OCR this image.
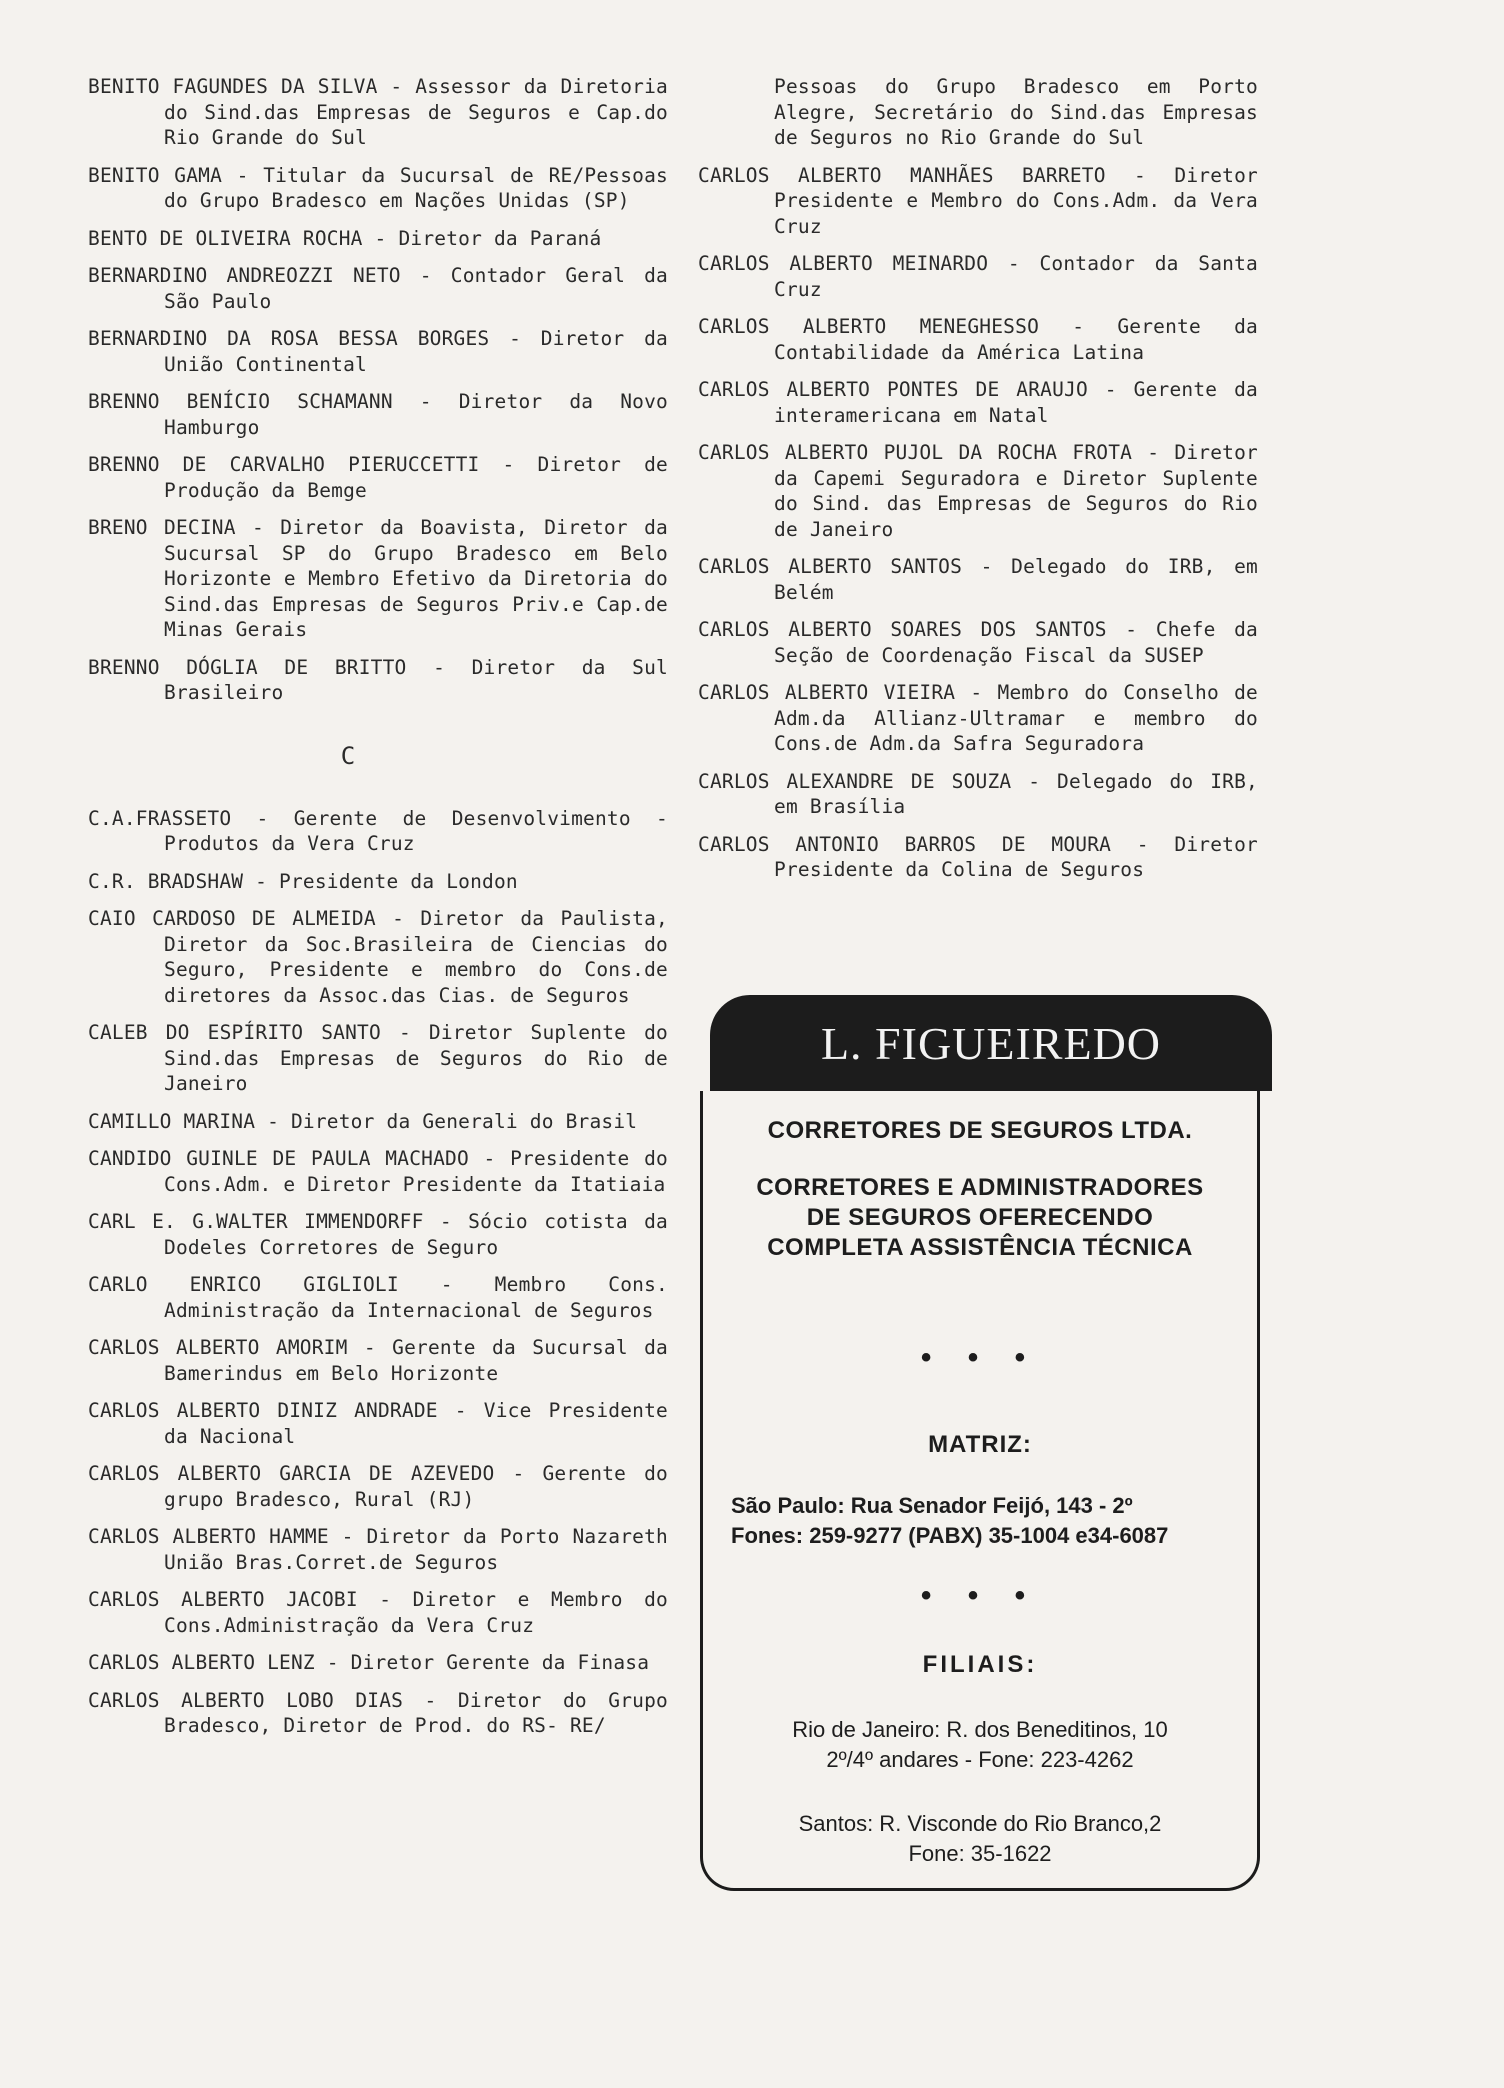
BENITO FAGUNDES DA SILVA - Assessor da Diretoria do Sind.das Empresas de Seguros e Cap.do Rio Grande do Sul
BENITO GAMA - Titular da Sucursal de RE/Pessoas do Grupo Bradesco em Nações Unidas (SP)
BENTO DE OLIVEIRA ROCHA - Diretor da Paraná
BERNARDINO ANDREOZZI NETO - Contador Geral da São Paulo
BERNARDINO DA ROSA BESSA BORGES - Diretor da União Continental
BRENNO BENÍCIO SCHAMANN - Diretor da Novo Hamburgo
BRENNO DE CARVALHO PIERUCCETTI - Diretor de Produção da Bemge
BRENO DECINA - Diretor da Boavista, Diretor da Sucursal SP do Grupo Bradesco em Belo Horizonte e Membro Efetivo da Diretoria do Sind.das Empresas de Seguros Priv.e Cap.de Minas Gerais
BRENNO DÓGLIA DE BRITTO - Diretor da Sul Brasileiro
C
C.A.FRASSETO - Gerente de Desenvolvimento - Produtos da Vera Cruz
C.R. BRADSHAW - Presidente da London
CAIO CARDOSO DE ALMEIDA - Diretor da Paulista, Diretor da Soc.Brasileira de Ciencias do Seguro, Presidente e membro do Cons.de diretores da Assoc.das Cias. de Seguros
CALEB DO ESPÍRITO SANTO - Diretor Suplente do Sind.das Empresas de Seguros do Rio de Janeiro
CAMILLO MARINA - Diretor da Generali do Brasil
CANDIDO GUINLE DE PAULA MACHADO - Presidente do Cons.Adm. e Diretor Presidente da Itatiaia
CARL E. G.WALTER IMMENDORFF - Sócio cotista da Dodeles Corretores de Seguro
CARLO ENRICO GIGLIOLI - Membro Cons. Administração da Internacional de Seguros
CARLOS ALBERTO AMORIM - Gerente da Sucursal da Bamerindus em Belo Horizonte
CARLOS ALBERTO DINIZ ANDRADE - Vice Presidente da Nacional
CARLOS ALBERTO GARCIA DE AZEVEDO - Gerente do grupo Bradesco, Rural (RJ)
CARLOS ALBERTO HAMME - Diretor da Porto Nazareth União Bras.Corret.de Seguros
CARLOS ALBERTO JACOBI - Diretor e Membro do Cons.Administração da Vera Cruz
CARLOS ALBERTO LENZ - Diretor Gerente da Finasa
CARLOS ALBERTO LOBO DIAS - Diretor do Grupo Bradesco, Diretor de Prod. do RS- RE/
Pessoas do Grupo Bradesco em Porto Alegre, Secretário do Sind.das Empresas de Seguros no Rio Grande do Sul
CARLOS ALBERTO MANHÃES BARRETO - Diretor Presidente e Membro do Cons.Adm. da Vera Cruz
CARLOS ALBERTO MEINARDO - Contador da Santa Cruz
CARLOS ALBERTO MENEGHESSO - Gerente da Contabilidade da América Latina
CARLOS ALBERTO PONTES DE ARAUJO - Gerente da interamericana em Natal
CARLOS ALBERTO PUJOL DA ROCHA FROTA - Diretor da Capemi Seguradora e Diretor Suplente do Sind. das Empresas de Seguros do Rio de Janeiro
CARLOS ALBERTO SANTOS - Delegado do IRB, em Belém
CARLOS ALBERTO SOARES DOS SANTOS - Chefe da Seção de Coordenação Fiscal da SUSEP
CARLOS ALBERTO VIEIRA - Membro do Conselho de Adm.da Allianz-Ultramar e membro do Cons.de Adm.da Safra Seguradora
CARLOS ALEXANDRE DE SOUZA - Delegado do IRB, em Brasília
CARLOS ANTONIO BARROS DE MOURA - Diretor Presidente da Colina de Seguros
L. FIGUEIREDO
CORRETORES DE SEGUROS LTDA.
CORRETORES E ADMINISTRADORES DE SEGUROS OFERECENDO COMPLETA ASSISTÊNCIA TÉCNICA
• • •
MATRIZ:
São Paulo: Rua Senador Feijó, 143 - 2º
Fones: 259-9277 (PABX) 35-1004 e34-6087
• • •
FILIAIS:
Rio de Janeiro: R. dos Beneditinos, 10
2º/4º andares - Fone: 223-4262
Santos: R. Visconde do Rio Branco,2
Fone: 35-1622
